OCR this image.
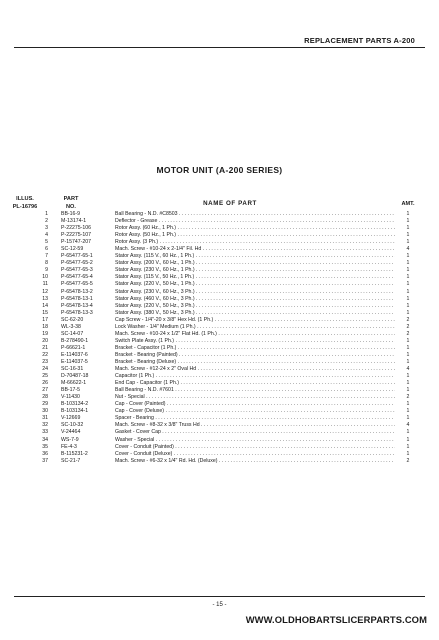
REPLACEMENT PARTS A-200
MOTOR UNIT (A-200 SERIES)
ILLUS.
PL-16796
PART
NO.	NAME OF PART	AMT.
1	BB-16-9	Ball Bearing - N.D. #C8503 . . .	1
2	M-13174-1	Deflector - Grease . . .	1
3	P-22275-106	Rotor Assy. (60 Hz., 1 Ph.) . . .	1
4	P-22275-107	Rotor Assy. (50 Hz., 1 Ph.) . . .	1
5	P-15747-207	Rotor Assy. (3 Ph.) . . .	1
6	SC-12-59	Mach. Screw - #10-24 x 2-1/4" Fil. Hd . . .	4
7	P-65477-65-1	Stator Assy. (115 V., 60 Hz., 1 Ph.) . . .	1
8	P-65477-65-2	Stator Assy. (200 V., 60 Hz., 1 Ph.) . . .	1
9	P-65477-65-3	Stator Assy. (230 V., 60 Hz., 1 Ph.) . . .	1
10	P-65477-65-4	Stator Assy. (115 V., 50 Hz., 1 Ph.) . . .	1
11	P-65477-65-5	Stator Assy. (220 V., 50 Hz., 1 Ph.) . . .	1
12	P-65478-13-2	Stator Assy. (230 V., 60 Hz., 3 Ph.) . . .	1
13	P-65478-13-1	Stator Assy. (460 V., 60 Hz., 3 Ph.) . . .	1
14	P-65478-13-4	Stator Assy. (220 V., 50 Hz., 3 Ph.) . . .	1
15	P-65478-13-3	Stator Assy. (380 V., 50 Hz., 3 Ph.) . . .	1
17	SC-62-20	Cap Screw - 1/4"-20 x 3/8" Hex Hd. (1 Ph.) . . .	2
18	WL-3-38	Lock Washer - 1/4" Medium (1 Ph.) . . .	2
19	SC-14-07	Mach. Screw - #10-24 x 1/2" Flat Hd. (1 Ph.) . . .	2
20	B-278490-1	Switch Plate Assy. (1 Ph.) . . .	1
21	P-66621-1	Bracket - Capacitor (1 Ph.) . . .	1
22	E-114037-6	Bracket - Bearing (Painted) . . .	1
23	E-114037-5	Bracket - Bearing (Deluxe) . . .	1
24	SC-16-31	Mach. Screw - #12-24 x 2" Oval Hd . . .	4
25	D-70487-18	Capacitor (1 Ph.) . . .	1
26	M-66622-1	End Cap - Capacitor (1 Ph.) . . .	1
27	BB-17-5	Ball Bearing - N.D. #7601 . . .	1
28	V-11430	Nut - Special . . .	2
29	B-103134-2	Cap - Cover (Painted) . . .	1
30	B-103134-1	Cap - Cover (Deluxe) . . .	1
31	V-12669	Spacer - Bearing . . .	1
32	SC-10-32	Mach. Screw - #8-32 x 3/8" Truss Hd . . .	4
33	V-24464	Gasket - Cover Cap . . .	1
34	WS-7-9	Washer - Special . . .	1
35	FE-4-3	Cover - Conduit (Painted) . . .	1
36	B-115231-2	Cover - Conduit (Deluxe) . . .	1
37	SC-21-7	Mach. Screw - #6-32 x 1/4" Rd. Hd. (Deluxe) . . .	2
- 15 -
WWW.OLDHOBARTSLICERPARTS.COM
